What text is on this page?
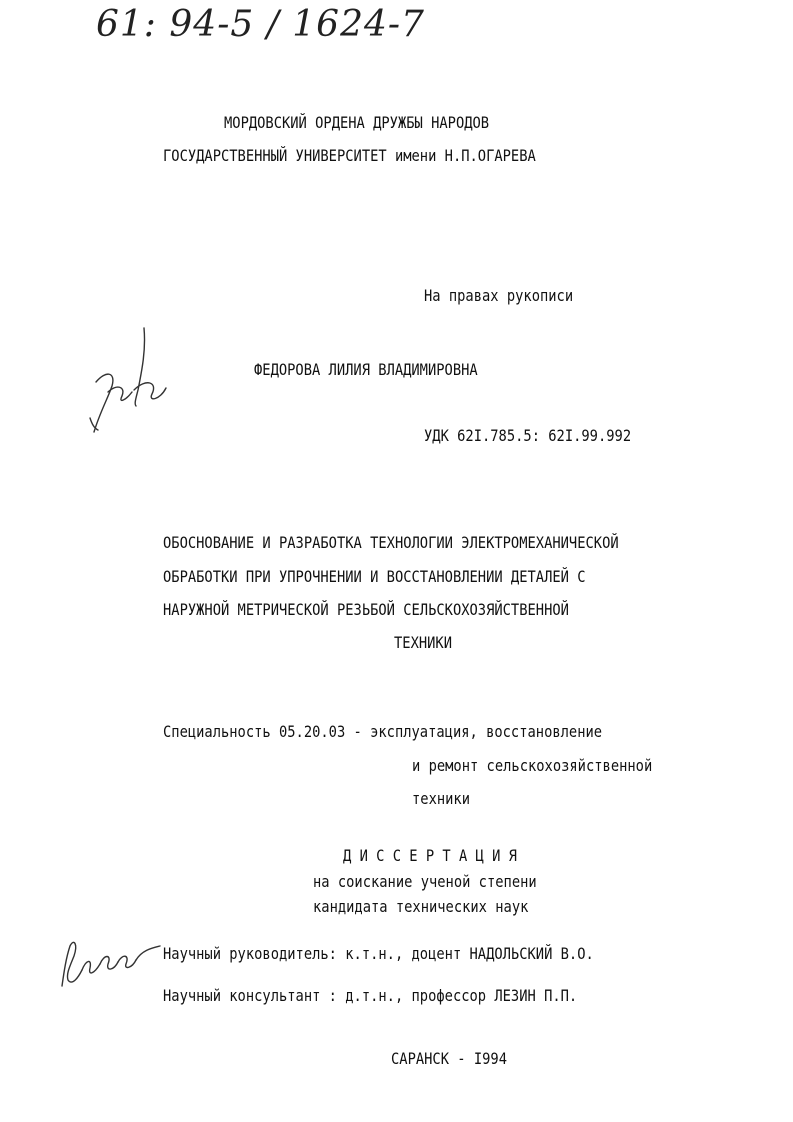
61: 94-5 / 1624-7
МОРДОВСКИЙ ОРДЕНА ДРУЖБЫ НАРОДОВ
ГОСУДАРСТВЕННЫЙ УНИВЕРСИТЕТ имени Н.П.ОГАРЕВА
На правах рукописи
ФЕДОРОВА ЛИЛИЯ ВЛАДИМИРОВНА
УДК 62I.785.5: 62I.99.992
ОБОСНОВАНИЕ И РАЗРАБОТКА ТЕХНОЛОГИИ ЭЛЕКТРОМЕХАНИЧЕСКОЙ
ОБРАБОТКИ ПРИ УПРОЧНЕНИИ И ВОССТАНОВЛЕНИИ ДЕТАЛЕЙ С
НАРУЖНОЙ МЕТРИЧЕСКОЙ РЕЗЬБОЙ СЕЛЬСКОХОЗЯЙСТВЕННОЙ
ТЕХНИКИ
Специальность 05.20.03 - эксплуатация, восстановление
и ремонт сельскохозяйственной
техники
Д И С С Е Р Т А Ц И Я
на соискание ученой степени
кандидата технических наук
Научный руководитель: к.т.н., доцент НАДОЛЬСКИЙ В.О.
Научный консультант : д.т.н., профессор ЛЕЗИН П.П.
САРАНСК - I994
